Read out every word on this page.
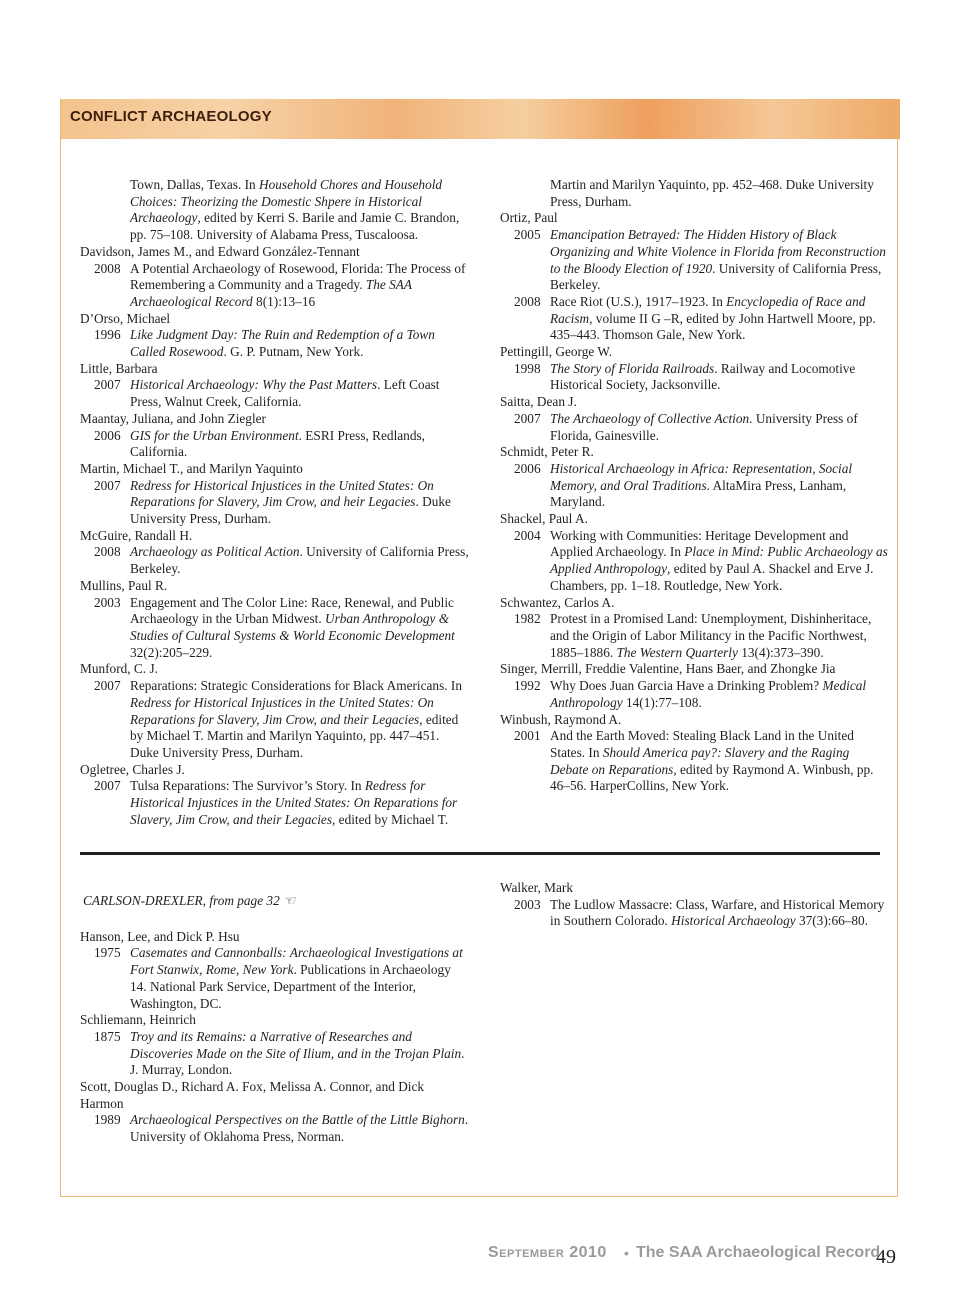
CONFLICT ARCHAEOLOGY
Town, Dallas, Texas. In Household Chores and Household Choices: Theorizing the Domestic Shpere in Historical Archaeology, edited by Kerri S. Barile and Jamie C. Brandon, pp. 75–108. University of Alabama Press, Tuscaloosa.
Davidson, James M., and Edward González-Tennant
2008 A Potential Archaeology of Rosewood, Florida: The Process of Remembering a Community and a Tragedy. The SAA Archaeological Record 8(1):13–16
D’Orso, Michael
1996 Like Judgment Day: The Ruin and Redemption of a Town Called Rosewood. G. P. Putnam, New York.
Little, Barbara
2007 Historical Archaeology: Why the Past Matters. Left Coast Press, Walnut Creek, California.
Maantay, Juliana, and John Ziegler
2006 GIS for the Urban Environment. ESRI Press, Redlands, California.
Martin, Michael T., and Marilyn Yaquinto
2007 Redress for Historical Injustices in the United States: On Reparations for Slavery, Jim Crow, and heir Legacies. Duke University Press, Durham.
McGuire, Randall H.
2008 Archaeology as Political Action. University of California Press, Berkeley.
Mullins, Paul R.
2003 Engagement and The Color Line: Race, Renewal, and Public Archaeology in the Urban Midwest. Urban Anthropology & Studies of Cultural Systems & World Economic Development 32(2):205–229.
Munford, C. J.
2007 Reparations: Strategic Considerations for Black Americans. In Redress for Historical Injustices in the United States: On Reparations for Slavery, Jim Crow, and their Legacies, edited by Michael T. Martin and Marilyn Yaquinto, pp. 447–451. Duke University Press, Durham.
Ogletree, Charles J.
2007 Tulsa Reparations: The Survivor’s Story. In Redress for Historical Injustices in the United States: On Reparations for Slavery, Jim Crow, and their Legacies, edited by Michael T.
Martin and Marilyn Yaquinto, pp. 452–468. Duke University Press, Durham.
Ortiz, Paul
2005 Emancipation Betrayed: The Hidden History of Black Organizing and White Violence in Florida from Reconstruction to the Bloody Election of 1920. University of California Press, Berkeley.
2008 Race Riot (U.S.), 1917–1923. In Encyclopedia of Race and Racism, volume II G –R, edited by John Hartwell Moore, pp. 435–443. Thomson Gale, New York.
Pettingill, George W.
1998 The Story of Florida Railroads. Railway and Locomotive Historical Society, Jacksonville.
Saitta, Dean J.
2007 The Archaeology of Collective Action. University Press of Florida, Gainesville.
Schmidt, Peter R.
2006 Historical Archaeology in Africa: Representation, Social Memory, and Oral Traditions. AltaMira Press, Lanham, Maryland.
Shackel, Paul A.
2004 Working with Communities: Heritage Development and Applied Archaeology. In Place in Mind: Public Archaeology as Applied Anthropology, edited by Paul A. Shackel and Erve J. Chambers, pp. 1–18. Routledge, New York.
Schwantez, Carlos A.
1982 Protest in a Promised Land: Unemployment, Dishinheritace, and the Origin of Labor Militancy in the Pacific Northwest, 1885–1886. The Western Quarterly 13(4):373–390.
Singer, Merrill, Freddie Valentine, Hans Baer, and Zhongke Jia
1992 Why Does Juan Garcia Have a Drinking Problem? Medical Anthropology 14(1):77–108.
Winbush, Raymond A.
2001 And the Earth Moved: Stealing Black Land in the United States. In Should America pay?: Slavery and the Raging Debate on Reparations, edited by Raymond A. Winbush, pp. 46–56. HarperCollins, New York.
CARLSON-DREXLER, from page 32 ☜
Hanson, Lee, and Dick P. Hsu
1975 Casemates and Cannonballs: Archaeological Investigations at Fort Stanwix, Rome, New York. Publications in Archaeology 14. National Park Service, Department of the Interior, Washington, DC.
Schliemann, Heinrich
1875 Troy and its Remains: a Narrative of Researches and Discoveries Made on the Site of Ilium, and in the Trojan Plain. J. Murray, London.
Scott, Douglas D., Richard A. Fox, Melissa A. Connor, and Dick Harmon
1989 Archaeological Perspectives on the Battle of the Little Bighorn. University of Oklahoma Press, Norman.
Walker, Mark
2003 The Ludlow Massacre: Class, Warfare, and Historical Memory in Southern Colorado. Historical Archaeology 37(3):66–80.
September 2010 • The SAA Archaeological Record
49
